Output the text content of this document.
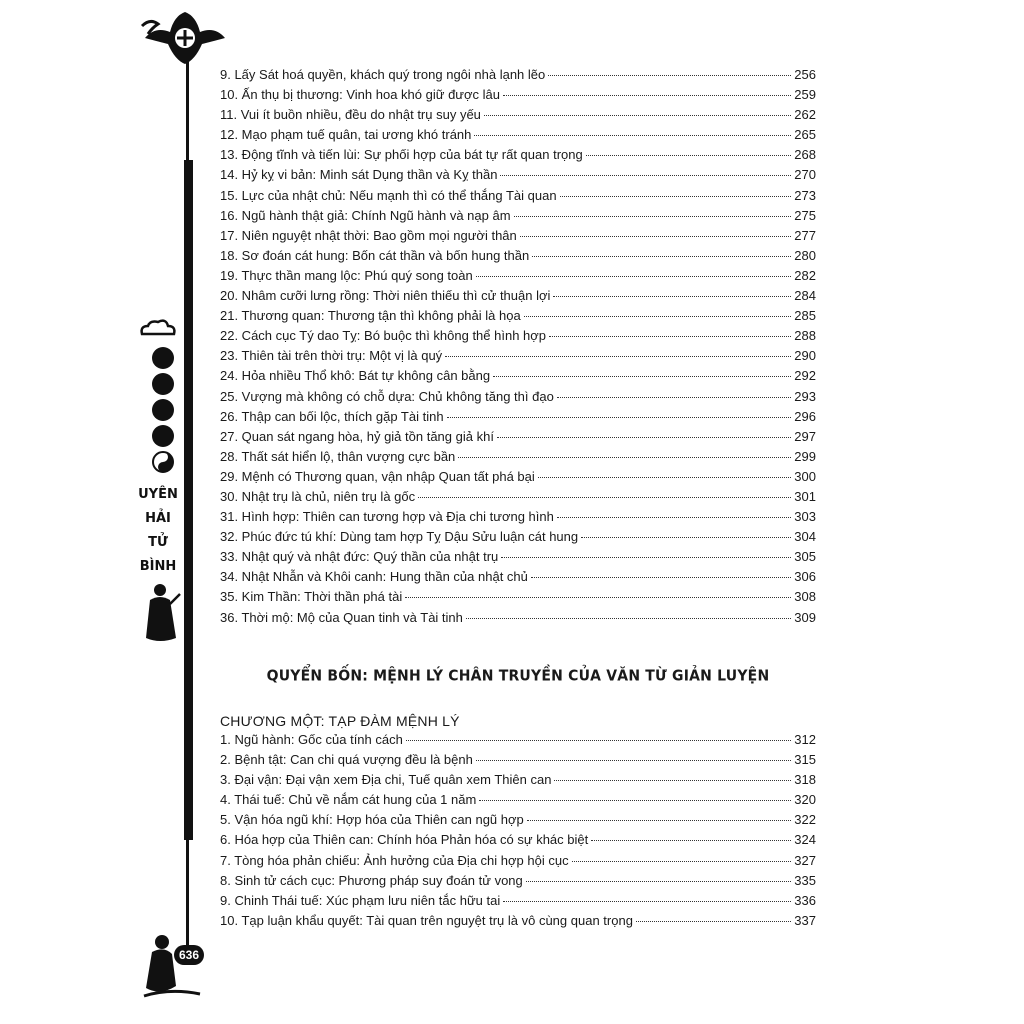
UYÊN
HẢI
TỬ
BÌNH
636
9. Lấy Sát hoá quyền, khách quý trong ngôi nhà lạnh lẽo	256
10. Ấn thụ bị thương: Vinh hoa khó giữ được lâu	259
11. Vui ít buồn nhiều, đều do nhật trụ suy yếu	262
12. Mạo phạm tuế quân, tai ương khó tránh	265
13. Động tĩnh và tiến lùi: Sự phối hợp của bát tự rất quan trọng	268
14. Hỷ kỵ vi bản: Minh sát Dụng thần và Kỵ thần	270
15. Lực của nhật chủ: Nếu mạnh thì có thể thắng Tài quan	273
16. Ngũ hành thật giả: Chính Ngũ hành và nạp âm	275
17. Niên nguyệt nhật thời: Bao gồm mọi người thân	277
18. Sơ đoán cát hung: Bốn cát thần và bốn hung thần	280
19. Thực thần mang lộc: Phú quý song toàn	282
20. Nhâm cưỡi lưng rồng: Thời niên thiếu thì cử thuận lợi	284
21. Thương quan: Thương tận thì không phải là họa	285
22. Cách cục Tý dao Tỵ: Bó buộc thì không thể hình hợp	288
23. Thiên tài trên thời trụ: Một vị là quý	290
24. Hỏa nhiều Thổ khô: Bát tự không cân bằng	292
25. Vượng mà không có chỗ dựa: Chủ không tăng thì đạo	293
26. Thập can bối lộc, thích gặp Tài tinh	296
27. Quan sát ngang hòa, hỷ giả tồn tăng giả khí	297
28. Thất sát hiển lộ, thân vượng cực bần	299
29. Mệnh có Thương quan, vận nhập Quan tất phá bại	300
30. Nhật trụ là chủ, niên trụ là gốc	301
31. Hình hợp: Thiên can tương hợp và Địa chi tương hình	303
32. Phúc đức tú khí: Dùng tam hợp Tỵ Dậu Sửu luận cát hung	304
33. Nhật quý và nhật đức: Quý thần của nhật trụ	305
34. Nhật Nhẫn và Khôi canh: Hung thần của nhật chủ	306
35. Kim Thần: Thời thần phá tài	308
36. Thời mộ: Mộ của Quan tinh và Tài tinh	309
QUYỂN BỐN: MỆNH LÝ CHÂN TRUYỀN CỦA VĂN TỪ GIẢN LUYỆN
CHƯƠNG MỘT: TẠP ĐÀM MỆNH LÝ
1. Ngũ hành: Gốc của tính cách	312
2. Bệnh tật: Can chi quá vượng đều là bệnh	315
3. Đại vận: Đại vận xem Địa chi, Tuế quân xem Thiên can	318
4. Thái tuế: Chủ về nắm cát hung của 1 năm	320
5. Vận hóa ngũ khí: Hợp hóa của Thiên can ngũ hợp	322
6. Hóa hợp của Thiên can: Chính hóa Phản hóa có sự khác biệt	324
7. Tòng hóa phản chiếu: Ảnh hưởng của Địa chi hợp hội cục	327
8. Sinh tử cách cục: Phương pháp suy đoán tử vong	335
9. Chinh Thái tuế: Xúc phạm lưu niên tắc hữu tai	336
10. Tạp luận khẩu quyết: Tài quan trên nguyệt trụ là vô cùng quan trọng	337
